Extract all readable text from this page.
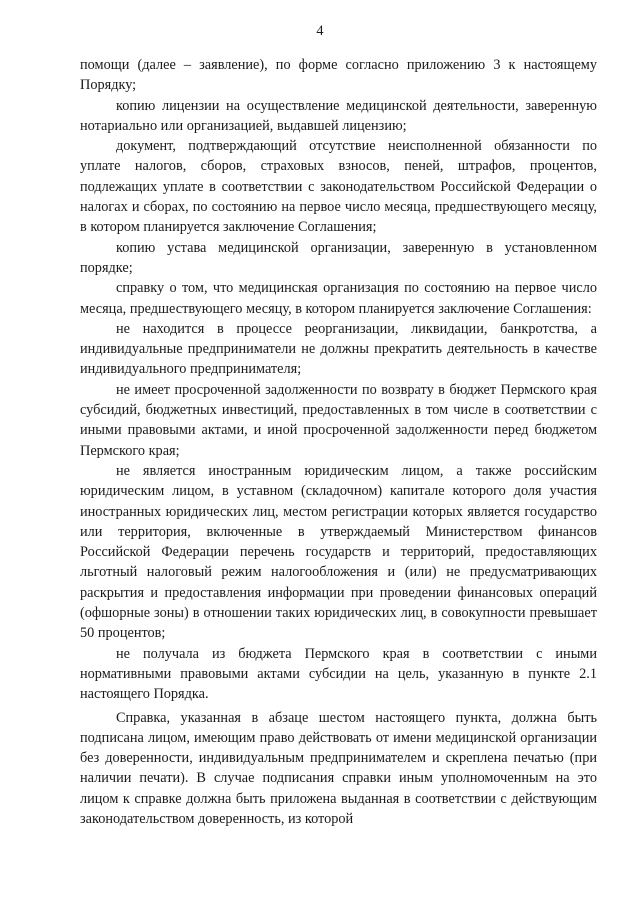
4

помощи (далее – заявление), по форме согласно приложению 3 к настоящему Порядку;

копию лицензии на осуществление медицинской деятельности, заверенную нотариально или организацией, выдавшей лицензию;

документ, подтверждающий отсутствие неисполненной обязанности по уплате налогов, сборов, страховых взносов, пеней, штрафов, процентов, подлежащих уплате в соответствии с законодательством Российской Федерации о налогах и сборах, по состоянию на первое число месяца, предшествующего месяцу, в котором планируется заключение Соглашения;

копию устава медицинской организации, заверенную в установленном порядке;

справку о том, что медицинская организация по состоянию на первое число месяца, предшествующего месяцу, в котором планируется заключение Соглашения:

не находится в процессе реорганизации, ликвидации, банкротства, а индивидуальные предприниматели не должны прекратить деятельность в качестве индивидуального предпринимателя;

не имеет просроченной задолженности по возврату в бюджет Пермского края субсидий, бюджетных инвестиций, предоставленных в том числе в соответствии с иными правовыми актами, и иной просроченной задолженности перед бюджетом Пермского края;

не является иностранным юридическим лицом, а также российским юридическим лицом, в уставном (складочном) капитале которого доля участия иностранных юридических лиц, местом регистрации которых является государство или территория, включенные в утверждаемый Министерством финансов Российской Федерации перечень государств и территорий, предоставляющих льготный налоговый режим налогообложения и (или) не предусматривающих раскрытия и предоставления информации при проведении финансовых операций (офшорные зоны) в отношении таких юридических лиц, в совокупности превышает 50 процентов;

не получала из бюджета Пермского края в соответствии с иными нормативными правовыми актами субсидии на цель, указанную в пункте 2.1 настоящего Порядка.

Справка, указанная в абзаце шестом настоящего пункта, должна быть подписана лицом, имеющим право действовать от имени медицинской организации без доверенности, индивидуальным предпринимателем и скреплена печатью (при наличии печати). В случае подписания справки иным уполномоченным на это лицом к справке должна быть приложена выданная в соответствии с действующим законодательством доверенность, из которой
